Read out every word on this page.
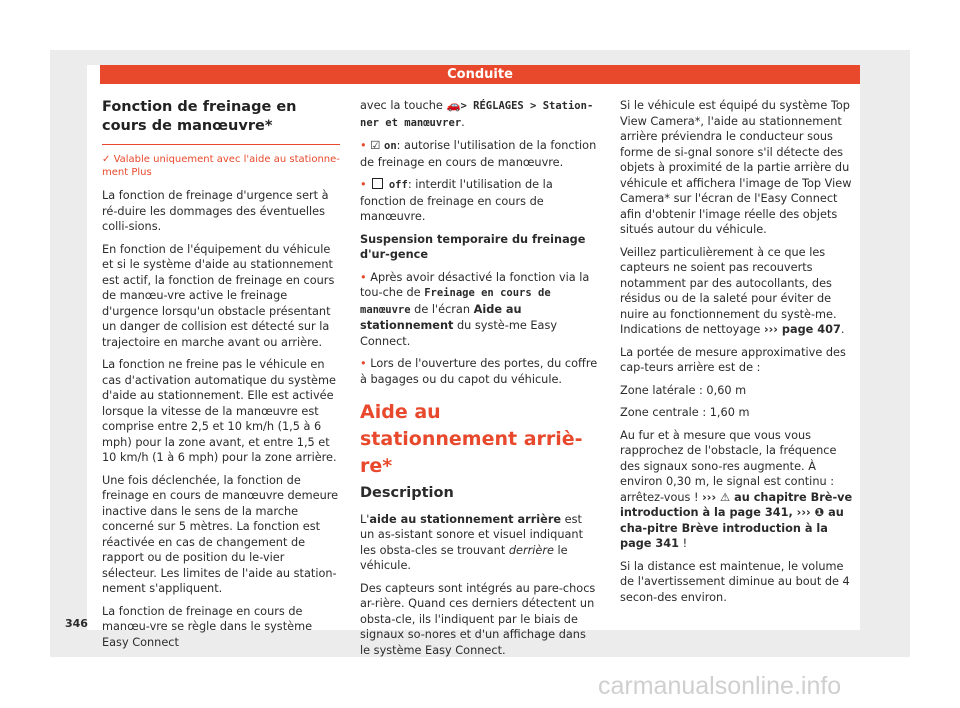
Conduite
Fonction de freinage en cours de manœuvre*

✓ Valable uniquement avec l'aide au stationne-ment Plus

La fonction de freinage d'urgence sert à ré-duire les dommages des éventuelles colli-sions.

En fonction de l'équipement du véhicule et si le système d'aide au stationnement est actif, la fonction de freinage en cours de manœu-vre active le freinage d'urgence lorsqu'un obstacle présentant un danger de collision est détecté sur la trajectoire en marche avant ou arrière.

La fonction ne freine pas le véhicule en cas d'activation automatique du système d'aide au stationnement. Elle est activée lorsque la vitesse de la manœuvre est comprise entre 2,5 et 10 km/h (1,5 à 6 mph) pour la zone avant, et entre 1,5 et 10 km/h (1 à 6 mph) pour la zone arrière.

Une fois déclenchée, la fonction de freinage en cours de manœuvre demeure inactive dans le sens de la marche concerné sur 5 mètres. La fonction est réactivée en cas de changement de rapport ou de position du le-vier sélecteur. Les limites de l'aide au station-nement s'appliquent.

La fonction de freinage en cours de manœu-vre se règle dans le système Easy Connect

avec la touche 🚗> RÉGLAGES > Station-ner et manœuvrer.

• ☑ on: autorise l'utilisation de la fonction de freinage en cours de manœuvre.

• off: interdit l'utilisation de la fonction de freinage en cours de manœuvre.

Suspension temporaire du freinage d'ur-gence

• Après avoir désactivé la fonction via la tou-che de Freinage en cours de manœuvre de l'écran Aide au stationnement du systè-me Easy Connect.

• Lors de l'ouverture des portes, du coffre à bagages ou du capot du véhicule.

Aide au stationnement arriè-re*

Description

L'aide au stationnement arrière est un as-sistant sonore et visuel indiquant les obsta-cles se trouvant derrière le véhicule.

Des capteurs sont intégrés au pare-chocs ar-rière. Quand ces derniers détectent un obsta-cle, ils l'indiquent par le biais de signaux so-nores et d'un affichage dans le système Easy Connect.

Si le véhicule est équipé du système Top View Camera*, l'aide au stationnement arrière préviendra le conducteur sous forme de si-gnal sonore s'il détecte des objets à proximité de la partie arrière du véhicule et affichera l'image de Top View Camera* sur l'écran de l'Easy Connect afin d'obtenir l'image réelle des objets situés autour du véhicule.

Veillez particulièrement à ce que les capteurs ne soient pas recouverts notamment par des autocollants, des résidus ou de la saleté pour éviter de nuire au fonctionnement du systè-me. Indications de nettoyage ››› page 407.

La portée de mesure approximative des cap-teurs arrière est de :

Zone latérale : 0,60 m

Zone centrale : 1,60 m

Au fur et à mesure que vous vous rapprochez de l'obstacle, la fréquence des signaux sono-res augmente. À environ 0,30 m, le signal est continu : arrêtez-vous ! ››› ⚠ au chapitre Brè-ve introduction à la page 341, ››› ❶ au cha-pitre Brève introduction à la page 341 !

Si la distance est maintenue, le volume de l'avertissement diminue au bout de 4 secon-des environ.

346
carmanualsonline.info
